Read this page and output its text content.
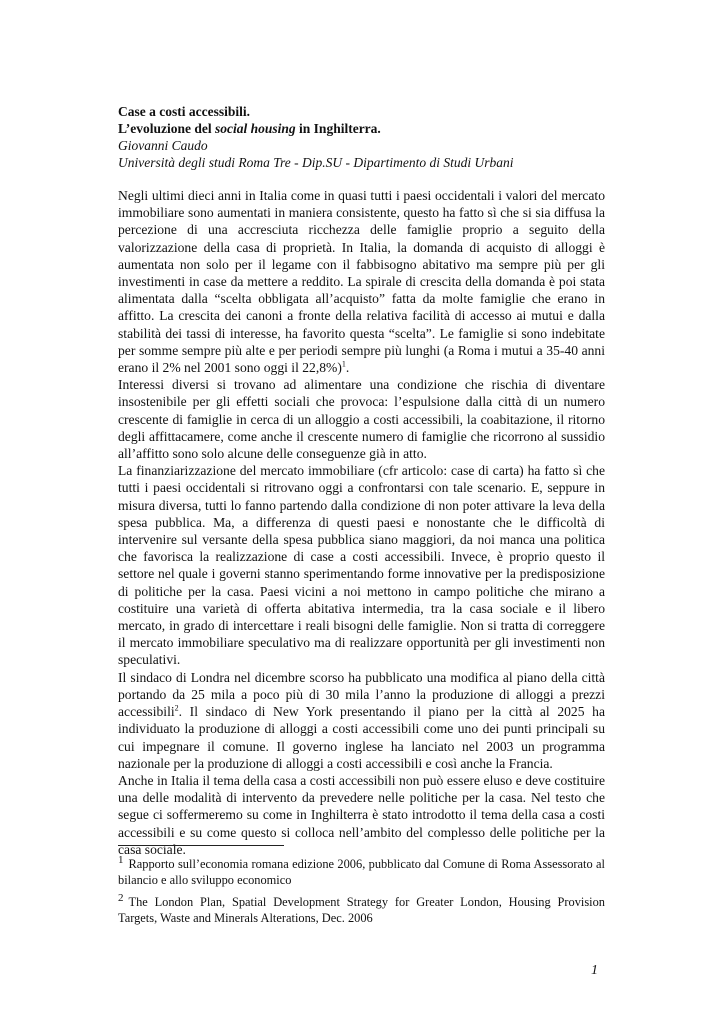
Case a costi accessibili.
L’evoluzione del social housing in Inghilterra.
Giovanni Caudo
Università degli studi Roma Tre - Dip.SU - Dipartimento di Studi Urbani

Negli ultimi dieci anni in Italia come in quasi tutti i paesi occidentali i valori del mercato immobiliare sono aumentati in maniera consistente, questo ha fatto sì che si sia diffusa la percezione di una accresciuta ricchezza delle famiglie proprio a seguito della valorizzazione della casa di proprietà. In Italia, la domanda di acquisto di alloggi è aumentata non solo per il legame con il fabbisogno abitativo ma sempre più per gli investimenti in case da mettere a reddito. La spirale di crescita della domanda è poi stata alimentata dalla “scelta obbligata all’acquisto” fatta da molte famiglie che erano in affitto. La crescita dei canoni a fronte della relativa facilità di accesso ai mutui e dalla stabilità dei tassi di interesse, ha favorito questa “scelta”. Le famiglie si sono indebitate per somme sempre più alte e per periodi sempre più lunghi (a Roma i mutui a 35-40 anni erano il 2% nel 2001 sono oggi il 22,8%)$^1$.

Interessi diversi si trovano ad alimentare una condizione che rischia di diventare insostenibile per gli effetti sociali che provoca: l’espulsione dalla città di un numero crescente di famiglie in cerca di un alloggio a costi accessibili, la coabitazione, il ritorno degli affittacamere, come anche il crescente numero di famiglie che ricorrono al sussidio all’affitto sono solo alcune delle conseguenze già in atto.

La finanziarizzazione del mercato immobiliare (cfr articolo: case di carta) ha fatto sì che tutti i paesi occidentali si ritrovano oggi a confrontarsi con tale scenario. E, seppure in misura diversa, tutti lo fanno partendo dalla condizione di non poter attivare la leva della spesa pubblica. Ma, a differenza di questi paesi e nonostante che le difficoltà di intervenire sul versante della spesa pubblica siano maggiori, da noi manca una politica che favorisca la realizzazione di case a costi accessibili. Invece, è proprio questo il settore nel quale i governi stanno sperimentando forme innovative per la predisposizione di politiche per la casa. Paesi vicini a noi mettono in campo politiche che mirano a costituire una varietà di offerta abitativa intermedia, tra la casa sociale e il libero mercato, in grado di intercettare i reali bisogni delle famiglie. Non si tratta di correggere il mercato immobiliare speculativo ma di realizzare opportunità per gli investimenti non speculativi.

Il sindaco di Londra nel dicembre scorso ha pubblicato una modifica al piano della città portando da 25 mila a poco più di 30 mila l’anno la produzione di alloggi a prezzi accessibili$^2$. Il sindaco di New York presentando il piano per la città al 2025 ha individuato la produzione di alloggi a costi accessibili come uno dei punti principali su cui impegnare il comune. Il governo inglese ha lanciato nel 2003 un programma nazionale per la produzione di alloggi a costi accessibili e così anche la Francia.

Anche in Italia il tema della casa a costi accessibili non può essere eluso e deve costituire una delle modalità di intervento da prevedere nelle politiche per la casa. Nel testo che segue ci soffermeremo su come in Inghilterra è stato introdotto il tema della casa a costi accessibili e su come questo si colloca nell’ambito del complesso delle politiche per la casa sociale.

1 Rapporto sull’economia romana edizione 2006, pubblicato dal Comune di Roma Assessorato al bilancio e allo sviluppo economico

2 The London Plan, Spatial Development Strategy for Greater London, Housing Provision Targets, Waste and Minerals Alterations, Dec. 2006

1
